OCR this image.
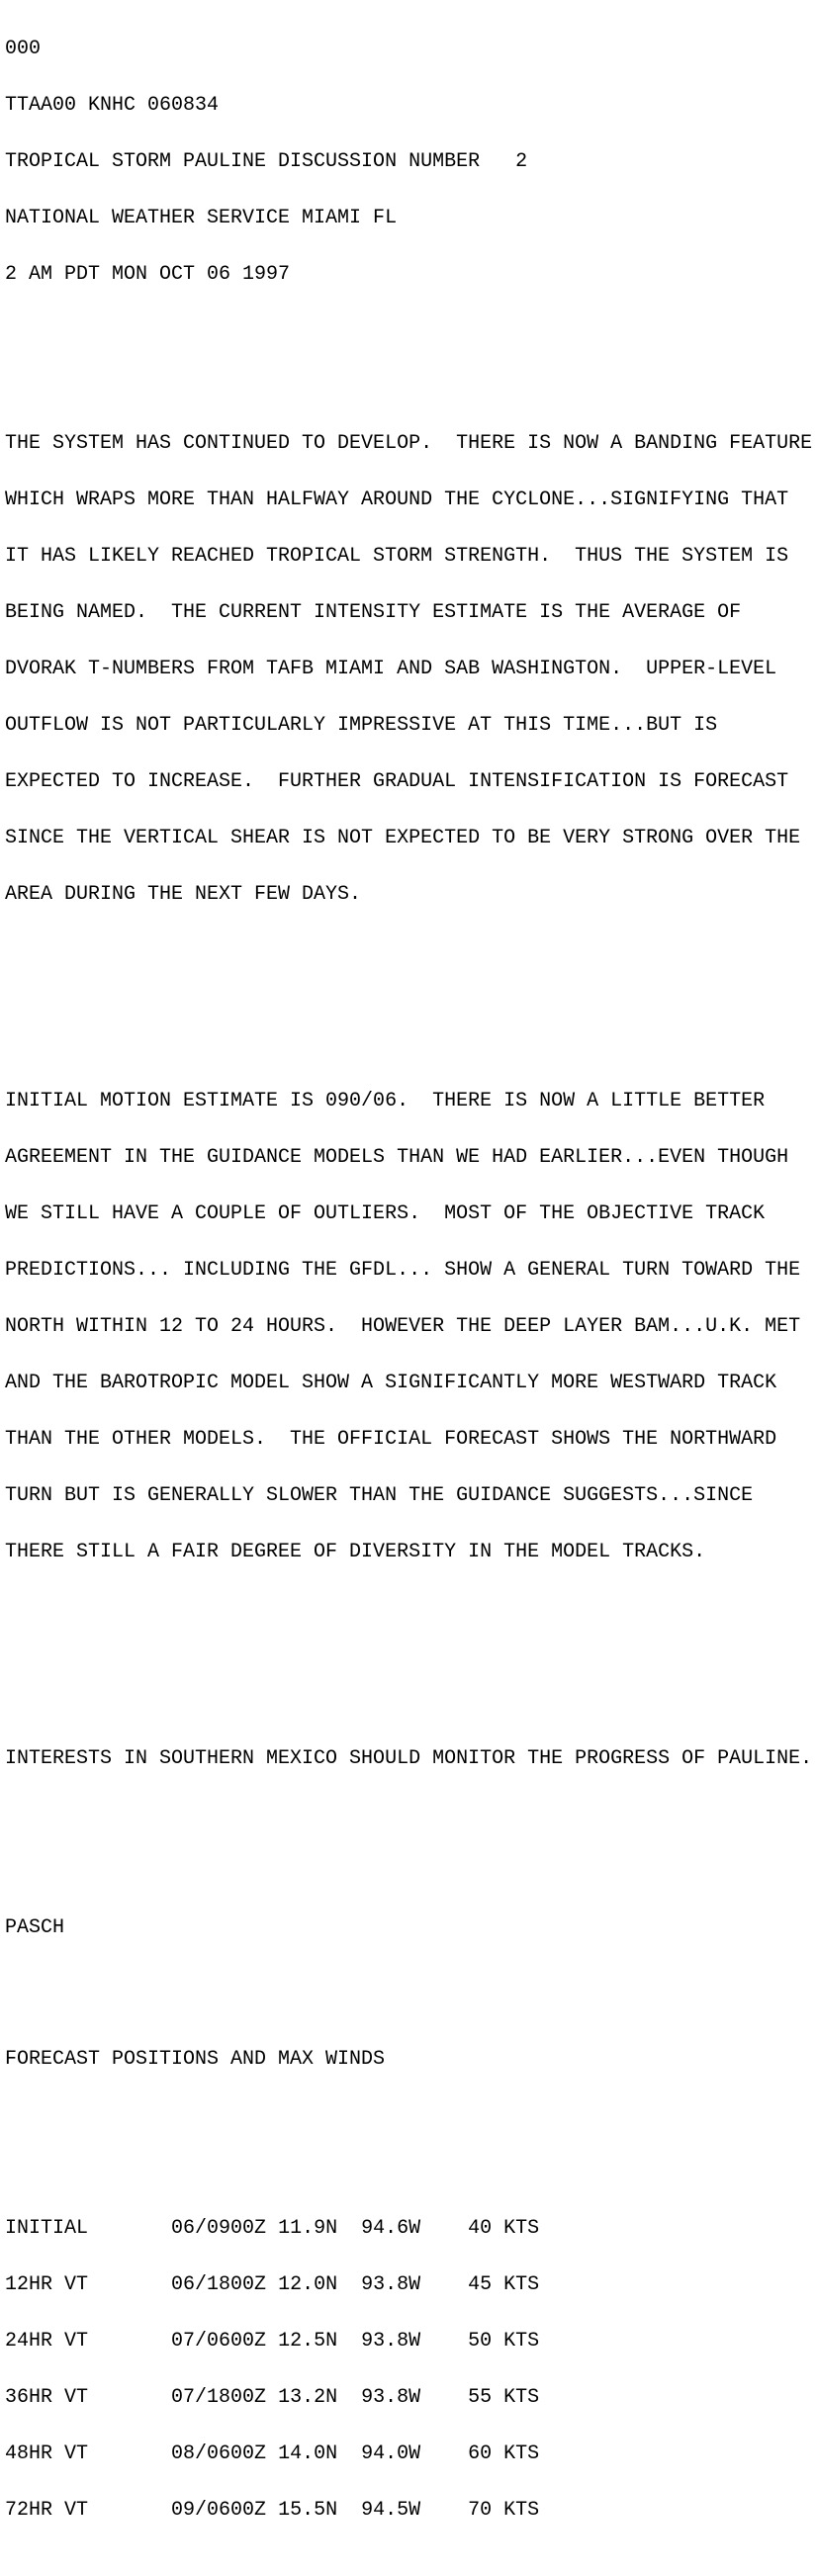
000

TTAA00 KNHC 060834

TROPICAL STORM PAULINE DISCUSSION NUMBER   2

NATIONAL WEATHER SERVICE MIAMI FL

2 AM PDT MON OCT 06 1997

THE SYSTEM HAS CONTINUED TO DEVELOP.  THERE IS NOW A BANDING FEATURE

WHICH WRAPS MORE THAN HALFWAY AROUND THE CYCLONE...SIGNIFYING THAT

IT HAS LIKELY REACHED TROPICAL STORM STRENGTH.  THUS THE SYSTEM IS

BEING NAMED.  THE CURRENT INTENSITY ESTIMATE IS THE AVERAGE OF

DVORAK T-NUMBERS FROM TAFB MIAMI AND SAB WASHINGTON.  UPPER-LEVEL

OUTFLOW IS NOT PARTICULARLY IMPRESSIVE AT THIS TIME...BUT IS

EXPECTED TO INCREASE.  FURTHER GRADUAL INTENSIFICATION IS FORECAST

SINCE THE VERTICAL SHEAR IS NOT EXPECTED TO BE VERY STRONG OVER THE

AREA DURING THE NEXT FEW DAYS.

INITIAL MOTION ESTIMATE IS 090/06.  THERE IS NOW A LITTLE BETTER

AGREEMENT IN THE GUIDANCE MODELS THAN WE HAD EARLIER...EVEN THOUGH

WE STILL HAVE A COUPLE OF OUTLIERS.  MOST OF THE OBJECTIVE TRACK

PREDICTIONS... INCLUDING THE GFDL... SHOW A GENERAL TURN TOWARD THE

NORTH WITHIN 12 TO 24 HOURS.  HOWEVER THE DEEP LAYER BAM...U.K. MET

AND THE BAROTROPIC MODEL SHOW A SIGNIFICANTLY MORE WESTWARD TRACK

THAN THE OTHER MODELS.  THE OFFICIAL FORECAST SHOWS THE NORTHWARD

TURN BUT IS GENERALLY SLOWER THAN THE GUIDANCE SUGGESTS...SINCE

THERE STILL A FAIR DEGREE OF DIVERSITY IN THE MODEL TRACKS.

INTERESTS IN SOUTHERN MEXICO SHOULD MONITOR THE PROGRESS OF PAULINE.

PASCH

FORECAST POSITIONS AND MAX WINDS

INITIAL       06/0900Z 11.9N 94.6W 40 KTS

12HR VT       06/1800Z 12.0N 93.8W 45 KTS

24HR VT       07/0600Z 12.5N 93.8W 50 KTS

36HR VT       07/1800Z 13.2N 93.8W 55 KTS

48HR VT       08/0600Z 14.0N 94.0W 60 KTS

72HR VT       09/0600Z 15.5N 94.5W 70 KTS
